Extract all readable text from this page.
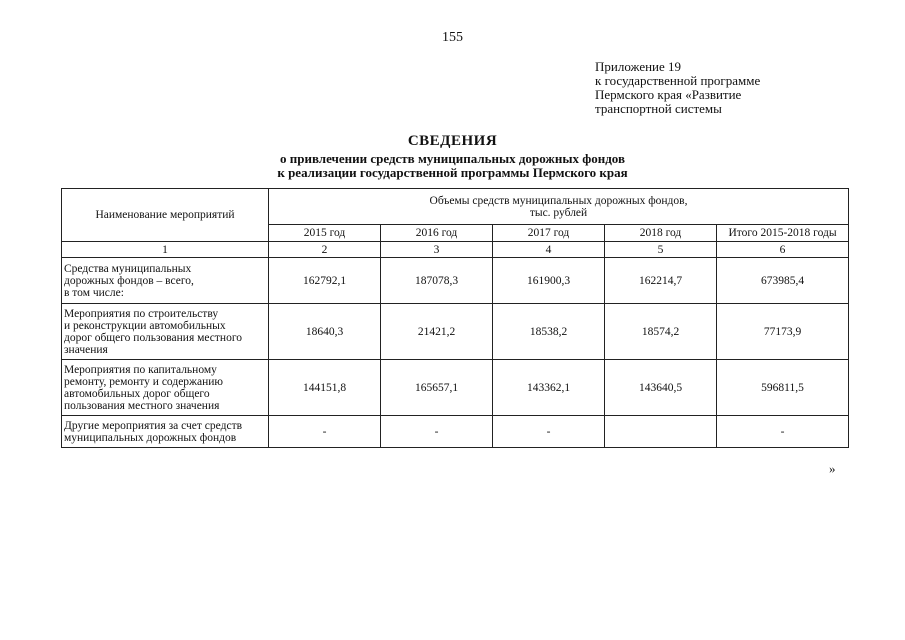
155
Приложение 19
к государственной программе
Пермского края «Развитие
транспортной системы
СВЕДЕНИЯ
о привлечении средств муниципальных дорожных фондов
к реализации государственной программы Пермского края
Наименование мероприятий	Объемы средств муниципальных дорожных фондов,
тыс. рублей				

	2015 год	2016 год	2017 год	2018 год	Итого 2015-2018 годы
1	2	3	4	5	6

Средства муниципальных
дорожных фондов – всего,
в том числе:	162792,1	187078,3	161900,3	162214,7	673985,4

Мероприятия по строительству
и реконструкции автомобильных
дорог общего пользования местного
значения	18640,3	21421,2	18538,2	18574,2	77173,9

Мероприятия по капитальному
ремонту, ремонту и содержанию
автомобильных дорог общего
пользования местного значения	144151,8	165657,1	143362,1	143640,5	596811,5

Другие мероприятия за счет средств
муниципальных дорожных фондов	-	-	-		-
»
